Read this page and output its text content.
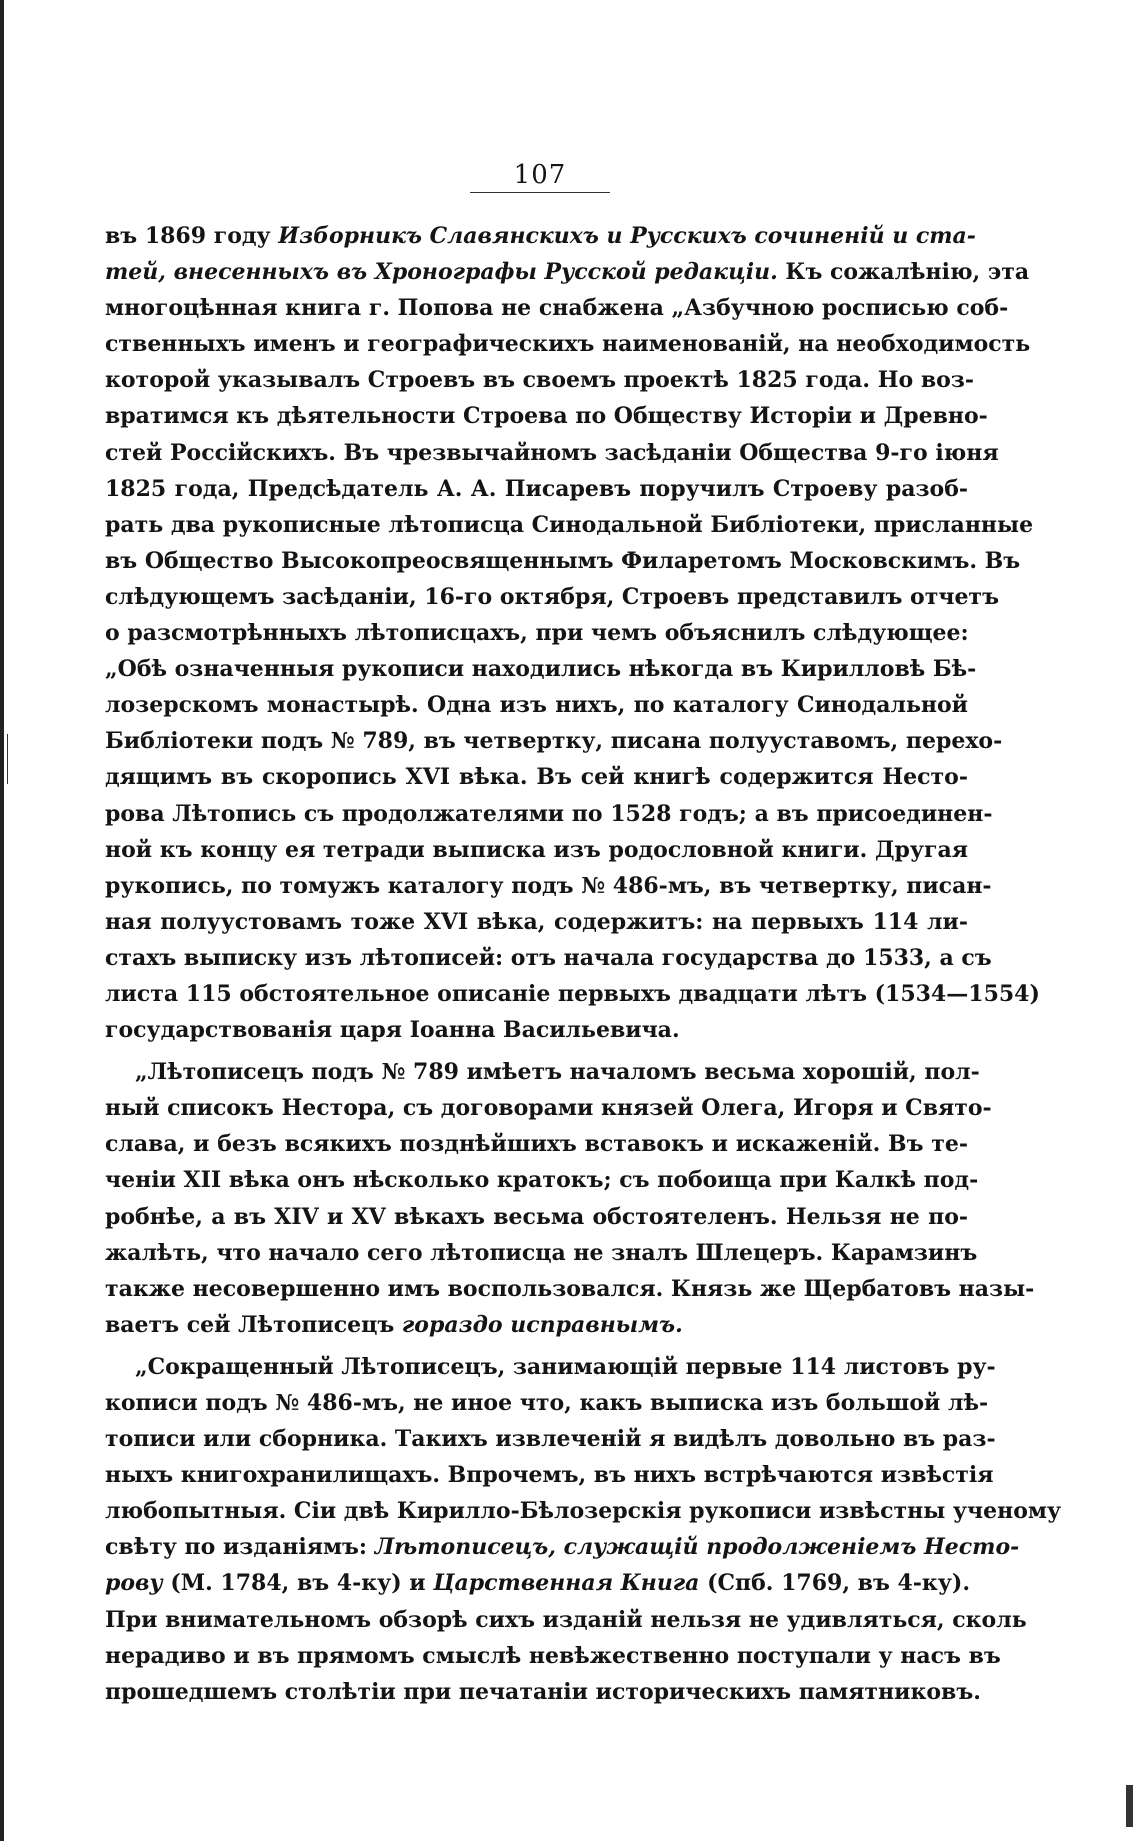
107
въ 1869 году Изборникъ Славянскихъ и Русскихъ сочиненій и ста-
тей, внесенныхъ въ Хронографы Русской редакціи. Къ сожалѣнію, эта
многоцѣнная книга г. Попова не снабжена „Азбучною росписью соб-
ственныхъ именъ и географическихъ наименованій, на необходимость
которой указывалъ Строевъ въ своемъ проектѣ 1825 года. Но воз-
вратимся къ дѣятельности Строева по Обществу Исторіи и Древно-
стей Россійскихъ. Въ чрезвычайномъ засѣданіи Общества 9-го іюня
1825 года, Предсѣдатель А. А. Писаревъ поручилъ Строеву разоб-
рать два рукописные лѣтописца Синодальной Библіотеки, присланные
въ Общество Высокопреосвященнымъ Филаретомъ Московскимъ. Въ
слѣдующемъ засѣданіи, 16-го октября, Строевъ представилъ отчетъ
о разсмотрѣнныхъ лѣтописцахъ, при чемъ объяснилъ слѣдующее:
„Обѣ означенныя рукописи находились нѣкогда въ Кирилловѣ Бѣ-
лозерскомъ монастырѣ. Одна изъ нихъ, по каталогу Синодальной
Библіотеки подъ № 789, въ четвертку, писана полууставомъ, перехо-
дящимъ въ скоропись XVI вѣка. Въ сей книгѣ содержится Несто-
рова Лѣтопись съ продолжателями по 1528 годъ; а въ присоединен-
ной къ концу ея тетради выписка изъ родословной книги. Другая
рукопись, по томужъ каталогу подъ № 486-мъ, въ четвертку, писан-
ная полуустовамъ тоже XVI вѣка, содержитъ: на первыхъ 114 ли-
стахъ выписку изъ лѣтописей: отъ начала государства до 1533, а съ
листа 115 обстоятельное описаніе первыхъ двадцати лѣтъ (1534—1554)
государствованія царя Іоанна Васильевича.
„Лѣтописецъ подъ № 789 имѣетъ началомъ весьма хорошій, пол-
ный списокъ Нестора, съ договорами князей Олега, Игоря и Свято-
слава, и безъ всякихъ позднѣйшихъ вставокъ и искаженій. Въ те-
ченіи XII вѣка онъ нѣсколько кратокъ; съ побоища при Калкѣ под-
робнѣе, а въ XIV и XV вѣкахъ весьма обстоятеленъ. Нельзя не по-
жалѣть, что начало сего лѣтописца не зналъ Шлецеръ. Карамзинъ
также несовершенно имъ воспользовался. Князь же Щербатовъ назы-
ваетъ сей Лѣтописецъ гораздо исправнымъ.
„Сокращенный Лѣтописецъ, занимающій первые 114 листовъ ру-
кописи подъ № 486-мъ, не иное что, какъ выписка изъ большой лѣ-
тописи или сборника. Такихъ извлеченій я видѣлъ довольно въ раз-
ныхъ книгохранилищахъ. Впрочемъ, въ нихъ встрѣчаются извѣстія
любопытныя. Сіи двѣ Кирилло-Бѣлозерскія рукописи извѣстны ученому
свѣту по изданіямъ: Лѣтописецъ, служащій продолженіемъ Несто-
рову (М. 1784, въ 4-ку) и Царственная Книга (Спб. 1769, въ 4-ку).
При внимательномъ обзорѣ сихъ изданій нельзя не удивляться, сколь
нерадиво и въ прямомъ смыслѣ невѣжественно поступали у насъ въ
прошедшемъ столѣтіи при печатаніи историческихъ памятниковъ.
